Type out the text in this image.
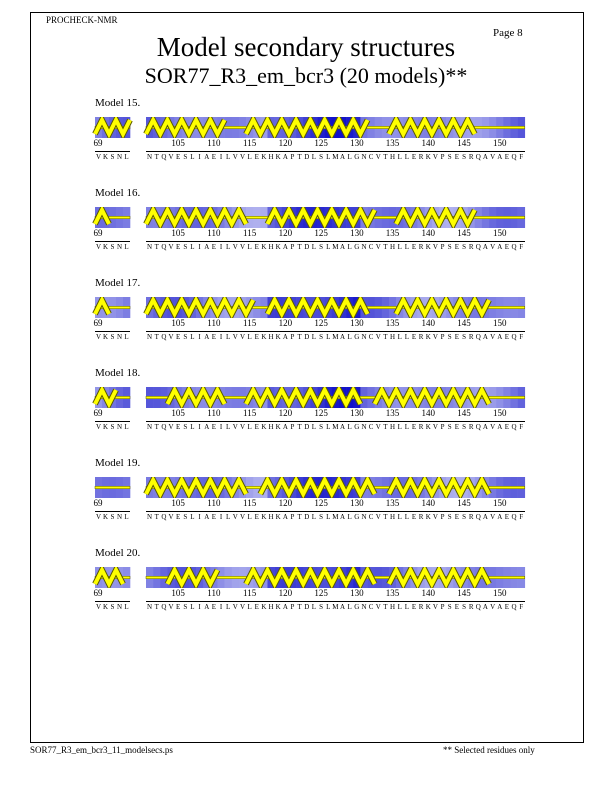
PROCHECK-NMR
Page 8
Model secondary structures
SOR77_R3_em_bcr3 (20 models)**
Model 15.
69	105 110	115 120 125 130 135 140 145 150
V K S N L	N T Q V E S L I A E I L V V L E K H K A P T D L S L M A L G N C V T H L L E R K V P S E S R Q A V A E Q F
Model 16.
69	105 110	115 120 125 130 135 140 145 150
V K S N L	N T Q V E S L I A E I L V V L E K H K A P T D L S L M A L G N C V T H L L E R K V P S E S R Q A V A E Q F
Model 17.
69	105 110	115 120 125 130 135 140 145 150
V K S N L	N T Q V E S L I A E I L V V L E K H K A P T D L S L M A L G N C V T H L L E R K V P S E S R Q A V A E Q F
Model 18.
69	105 110	115 120 125 130 135 140 145 150
V K S N L	N T Q V E S L I A E I L V V L E K H K A P T D L S L M A L G N C V T H L L E R K V P S E S R Q A V A E Q F
Model 19.
69	105 110	115 120 125 130 135 140 145 150
V K S N L	N T Q V E S L I A E I L V V L E K H K A P T D L S L M A L G N C V T H L L E R K V P S E S R Q A V A E Q F
Model 20.
69	105 110	115 120 125 130 135 140 145 150
V K S N L	N T Q V E S L I A E I L V V L E K H K A P T D L S L M A L G N C V T H L L E R K V P S E S R Q A V A E Q F
SOR77_R3_em_bcr3_11_modelsecs.ps	** Selected residues only
